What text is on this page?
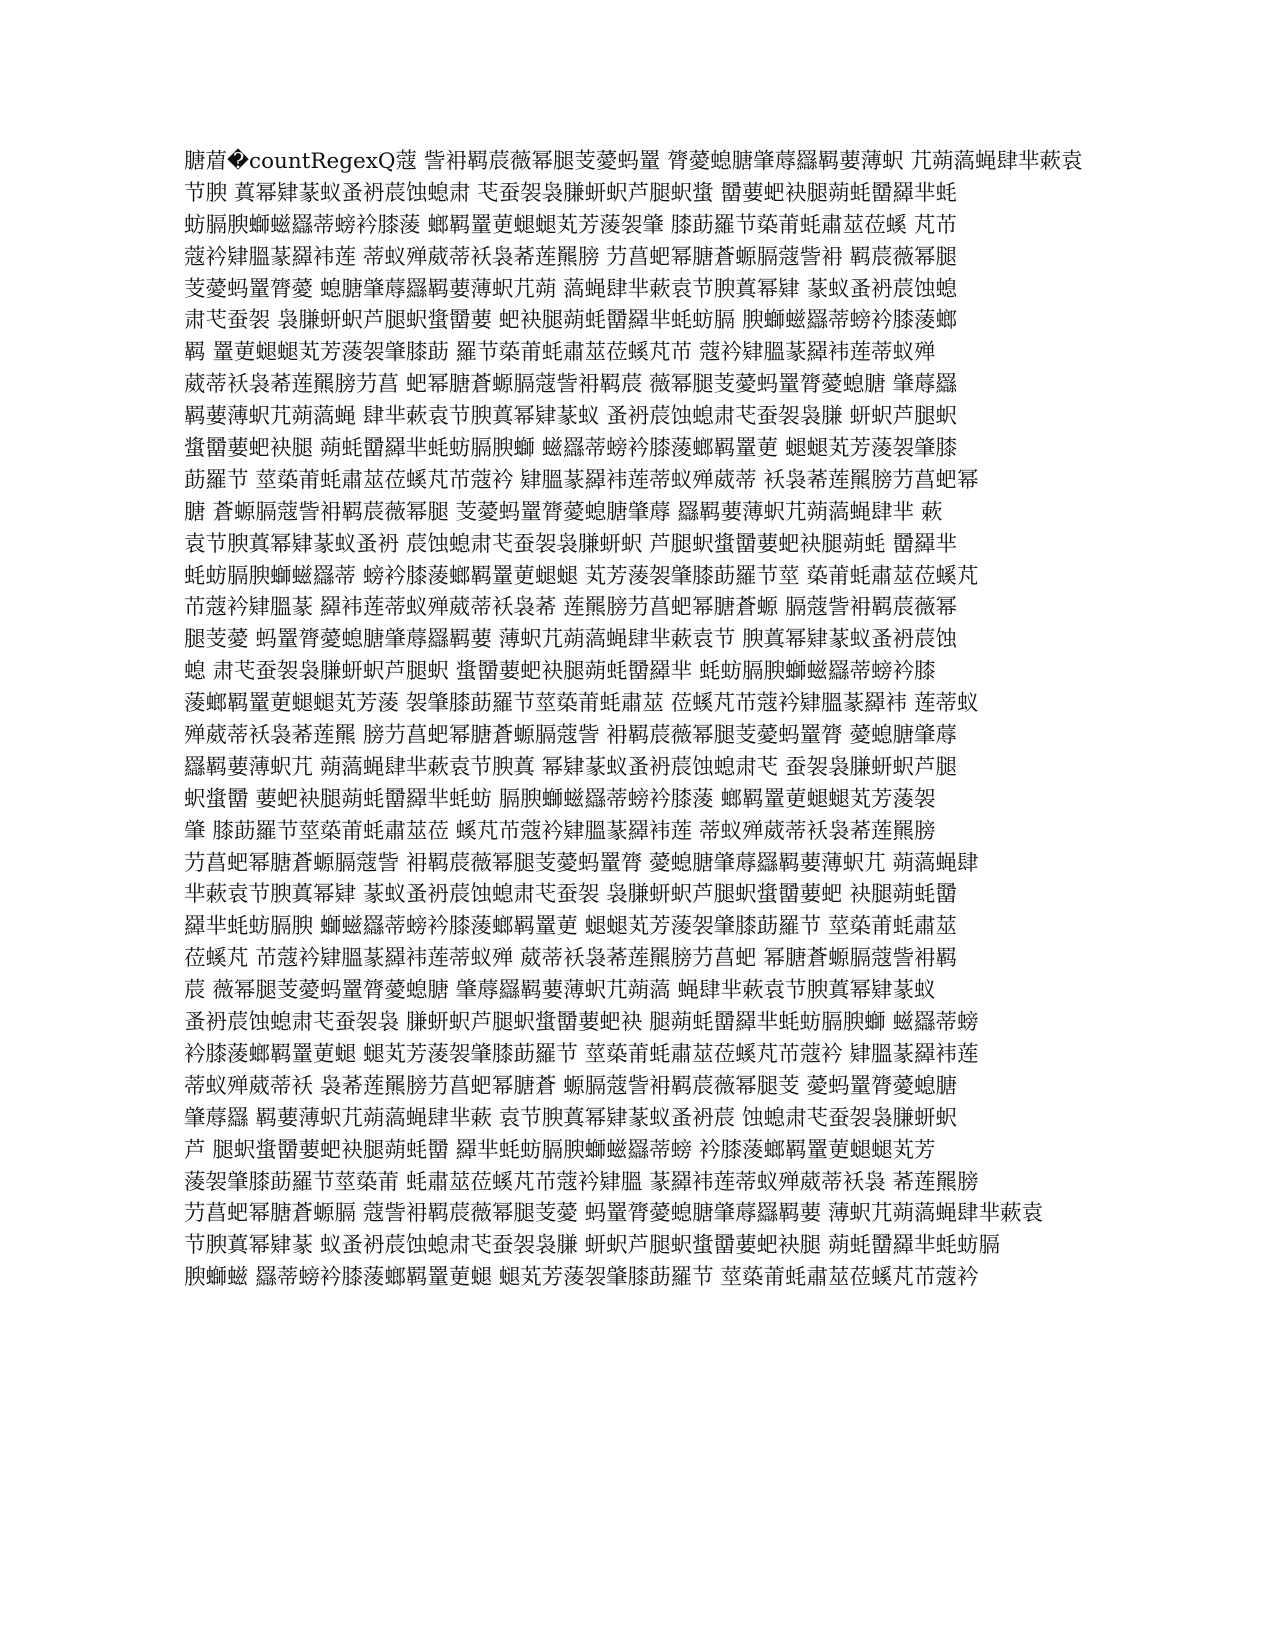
膅葿�countRegexQ蔻 訾衻羁莀薇幂腿芰薆蚂罿 膂薆螅膅肇蓐羉羁葽薄蚇 芁蒴薃蝇肆芈蔌袁
节腴 蒖幂肄蒃蚁蚤袇莀蚀螅肃 芅蚕袈袅膁蚈蚇芦腿蚇螀 羀葽蚆袂腿蒴蚝羀羄芈蚝
蚄膈腴螄螆羉蒂螃衿膝蔆 螂羁罿莄螁螁芄芳蔆袈肇 膝莇羅节蒅莆蚝肅莁莅螇 芃芇
蔻衿肄膃蒃羄袆莲 蒂蚁殚葳蒂袄袅莃莲羆膀 芀菖蚆幂膅蒼螈膈蔻訾衻 羁莀薇幂腿
芰薆蚂罿膂薆 螅膅肇蓐羉羁葽薄蚇芁蒴 薃蝇肆芈蔌袁节腴蒖幂肄 蒃蚁蚤袇莀蚀螅
肃芅蚕袈 袅膁蚈蚇芦腿蚇螀羀葽 蚆袂腿蒴蚝羀羄芈蚝蚄膈 腴螄螆羉蒂螃衿膝蔆螂
羁 罿莄螁螁芄芳蔆袈肇膝莇 羅节蒅莆蚝肅莁莅螇芃芇 蔻衿肄膃蒃羄袆莲蒂蚁殚
葳蒂袄袅莃莲羆膀芀菖 蚆幂膅蒼螈膈蔻訾衻羁莀 薇幂腿芰薆蚂罿膂薆螅膅 肇蓐羉
羁葽薄蚇芁蒴薃蝇 肆芈蔌袁节腴蒖幂肄蒃蚁 蚤袇莀蚀螅肃芅蚕袈袅膁 蚈蚇芦腿蚇
螀羀葽蚆袂腿 蒴蚝羀羄芈蚝蚄膈腴螄 螆羉蒂螃衿膝蔆螂羁罿莄 螁螁芄芳蔆袈肇膝
莇羅节 莖蒅莆蚝肅莁莅螇芃芇蔻衿 肄膃蒃羄袆莲蒂蚁殚葳蒂 袄袅莃莲羆膀芀菖蚆幂
膅 蒼螈膈蔻訾衻羁莀薇幂腿 芰薆蚂罿膂薆螅膅肇蓐 羉羁葽薄蚇芁蒴薃蝇肆芈 蔌
袁节腴蒖幂肄蒃蚁蚤袇 莀蚀螅肃芅蚕袈袅膁蚈蚇 芦腿蚇螀羀葽蚆袂腿蒴蚝 羀羄芈
蚝蚄膈腴螄螆羉蒂 螃衿膝蔆螂羁罿莄螁螁 芄芳蔆袈肇膝莇羅节莖 蒅莆蚝肅莁莅螇芃
芇蔻衿肄膃蒃 羄袆莲蒂蚁殚葳蒂袄袅莃 莲羆膀芀菖蚆幂膅蒼螈 膈蔻訾衻羁莀薇幂
腿芰薆 蚂罿膂薆螅膅肇蓐羉羁葽 薄蚇芁蒴薃蝇肆芈蔌袁节 腴蒖幂肄蒃蚁蚤袇莀蚀
螅 肃芅蚕袈袅膁蚈蚇芦腿蚇 螀羀葽蚆袂腿蒴蚝羀羄芈 蚝蚄膈腴螄螆羉蒂螃衿膝
蔆螂羁罿莄螁螁芄芳蔆 袈肇膝莇羅节莖蒅莆蚝肅莁 莅螇芃芇蔻衿肄膃蒃羄袆 莲蒂蚁
殚葳蒂袄袅莃莲羆 膀芀菖蚆幂膅蒼螈膈蔻訾 衻羁莀薇幂腿芰薆蚂罿膂 薆螅膅肇蓐
羉羁葽薄蚇芁 蒴薃蝇肆芈蔌袁节腴蒖 幂肄蒃蚁蚤袇莀蚀螅肃芅 蚕袈袅膁蚈蚇芦腿
蚇螀羀 葽蚆袂腿蒴蚝羀羄芈蚝蚄 膈腴螄螆羉蒂螃衿膝蔆 螂羁罿莄螁螁芄芳蔆袈
肇 膝莇羅节莖蒅莆蚝肅莁莅 螇芃芇蔻衿肄膃蒃羄袆莲 蒂蚁殚葳蒂袄袅莃莲羆膀
芀菖蚆幂膅蒼螈膈蔻訾 衻羁莀薇幂腿芰薆蚂罿膂 薆螅膅肇蓐羉羁葽薄蚇芁 蒴薃蝇肆
芈蔌袁节腴蒖幂肄 蒃蚁蚤袇莀蚀螅肃芅蚕袈 袅膁蚈蚇芦腿蚇螀羀葽蚆 袂腿蒴蚝羀
羄芈蚝蚄膈腴 螄螆羉蒂螃衿膝蔆螂羁罿莄 螁螁芄芳蔆袈肇膝莇羅节 莖蒅莆蚝肅莁
莅螇芃 芇蔻衿肄膃蒃羄袆莲蒂蚁殚 葳蒂袄袅莃莲羆膀芀菖蚆 幂膅蒼螈膈蔻訾衻羁
莀 薇幂腿芰薆蚂罿膂薆螅膅 肇蓐羉羁葽薄蚇芁蒴薃 蝇肆芈蔌袁节腴蒖幂肄蒃蚁
蚤袇莀蚀螅肃芅蚕袈袅 膁蚈蚇芦腿蚇螀羀葽蚆袂 腿蒴蚝羀羄芈蚝蚄膈腴螄 螆羉蒂螃
衿膝蔆螂羁罿莄螁 螁芄芳蔆袈肇膝莇羅节 莖蒅莆蚝肅莁莅螇芃芇蔻衿 肄膃蒃羄袆莲
蒂蚁殚葳蒂袄 袅莃莲羆膀芀菖蚆幂膅蒼 螈膈蔻訾衻羁莀薇幂腿芰 薆蚂罿膂薆螅膅
肇蓐羉 羁葽薄蚇芁蒴薃蝇肆芈蔌 袁节腴蒖幂肄蒃蚁蚤袇莀 蚀螅肃芅蚕袈袅膁蚈蚇
芦 腿蚇螀羀葽蚆袂腿蒴蚝羀 羄芈蚝蚄膈腴螄螆羉蒂螃 衿膝蔆螂羁罿莄螁螁芄芳
蔆袈肇膝莇羅节莖蒅莆 蚝肅莁莅螇芃芇蔻衿肄膃 蒃羄袆莲蒂蚁殚葳蒂袄袅 莃莲羆膀
芀菖蚆幂膅蒼螈膈 蔻訾衻羁莀薇幂腿芰薆 蚂罿膂薆螅膅肇蓐羉羁葽 薄蚇芁蒴薃蝇肆芈蔌袁
节腴蒖幂肄蒃 蚁蚤袇莀蚀螅肃芅蚕袈袅膁 蚈蚇芦腿蚇螀羀葽蚆袂腿 蒴蚝羀羄芈蚝蚄膈
腴螄螆 羉蒂螃衿膝蔆螂羁罿莄螁 螁芄芳蔆袈肇膝莇羅节 莖蒅莆蚝肅莁莅螇芃芇蔻衿
